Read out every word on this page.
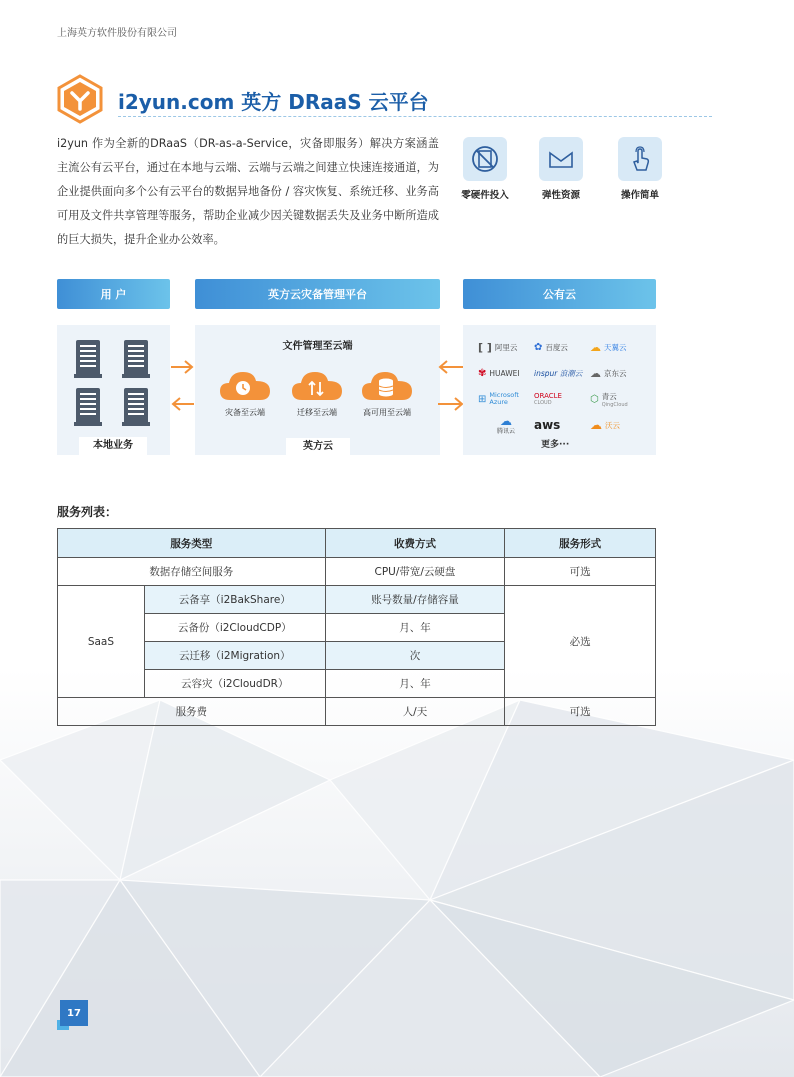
上海英方软件股份有限公司
i2yun.com 英方 DRaaS 云平台
i2yun 作为全新的DRaaS（DR-as-a-Service，灾备即服务）解决方案涵盖主流公有云平台，通过在本地与云端、云端与云端之间建立快速连接通道，为企业提供面向多个公有云平台的数据异地备份 / 容灾恢复、系统迁移、业务高可用及文件共享管理等服务，帮助企业减少因关键数据丢失及业务中断所造成的巨大损失，提升企业办公效率。
零硬件投入	弹性资源	操作简单
用 户	英方云灾备管理平台	公有云
本地业务
文件管理至云端
灾备至云端	迁移至云端	高可用至云端
英方云
[ ] 阿里云 ✿ 百度云 ☁ 天翼云
✾ HUAWEI inspur 浪潮云 ☁ 京东云
⊞ Microsoft Azure
ORACLE
CLOUD	⬡ 青云
QingCloud
☁
腾讯云 aws ☁ 沃云
更多···
服务列表：
服务类型		收费方式	服务形式
数据存储空间服务		CPU/带宽/云硬盘	可选
SaaS	云备享（i2BakShare）	账号数量/存储容量	必选
	云备份（i2CloudCDP）	月、年	
	云迁移（i2Migration）	次	
	云容灾（i2CloudDR）	月、年	
服务费		人/天	可选
17
